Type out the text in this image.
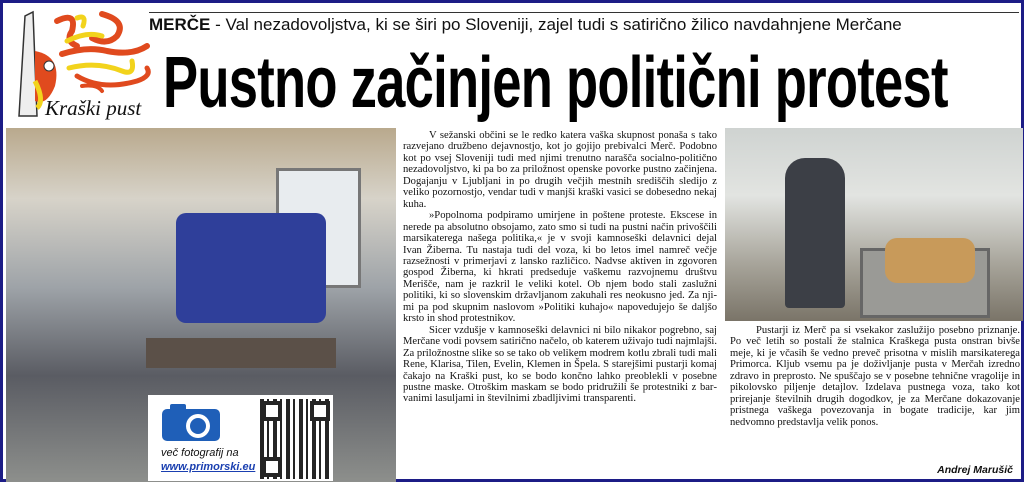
Kraški pust
MERČE - Val nezadovoljstva, ki se širi po Sloveniji, zajel tudi s satirično žilico navdahnjene Merčane
Pustno začinjen politični protest
več fotografij na
www.primorski.eu

V sežanski občini se le redko katera vaška skupnost ponaša s tako razvejano družbeno dejavnostjo, kot jo gojijo prebivalci Merč. Podobno kot po vsej Sloveniji tudi med njimi trenutno narašča socialno-politično nezadovoljstvo, ki pa bo za priložnost openske povorke pustno začinjena. Dogajanju v Ljubljani in po drugih večjih mestnih središčih sledijo z veliko pozornostjo, vendar tudi v manjši kraški vasici se dobesedno nekaj kuha.

»Popolnoma podpiramo umirjene in poštene proteste. Ekscese in nerede pa absolutno obsojamo, zato smo si tudi na pustni način privoščili marsikaterega našega politika,« je v svoji kamnoseški delavnici dejal Ivan Žiberna. Tu nastaja tudi del voza, ki bo letos imel namreč večje razsežnosti v primerjavi z lansko različico. Nadvse aktiven in zgovoren gospod Žiberna, ki hkrati predseduje vaškemu razvojnemu društvu Merišče, nam je razkril le veliki kotel. Ob njem bodo stali zaslužni politiki, ki so slovenskim državljanom zakuhali res neokusno jed. Za njimi pa pod skupnim naslovom »Politiki kuhajo« napovedujejo še daljšo krsto in shod protestnikov.

Sicer vzdušje v kamnoseški delavnici ni bilo nikakor pogrebno, saj Merčane vodi povsem satirično načelo, ob katerem uživajo tudi najmlajši. Za priložnostne slike so se tako ob velikem modrem kotlu zbrali tudi mali Rene, Klarisa, Tilen, Evelin, Klemen in Špela. S starejšimi pustarji komaj čakajo na Kraški pust, ko se bodo končno lahko preoblekli v posebne pustne maske. Otroškim maskam se bodo pridružili še protestniki z barvanimi lasuljami in številnimi zbadljivimi transparenti.

Pustarji iz Merč pa si vsekakor zaslužijo posebno priznanje. Po več letih so postali že stalnica Kraškega pusta onstran bivše meje, ki je včasih še vedno preveč prisotna v mislih marsikaterega Primorca. Kljub vsemu pa je doživljanje pusta v Merčah izredno zdravo in preprosto. Ne spuščajo se v posebne tehnične vragolije in pikolovsko piljenje detajlov. Izdelava pustnega voza, tako kot prirejanje številnih drugih dogodkov, je za Merčane dokazovanje pristnega vaškega povezovanja in bogate tradicije, kar jim nedvomno predstavlja velik ponos.

Andrej Marušič
